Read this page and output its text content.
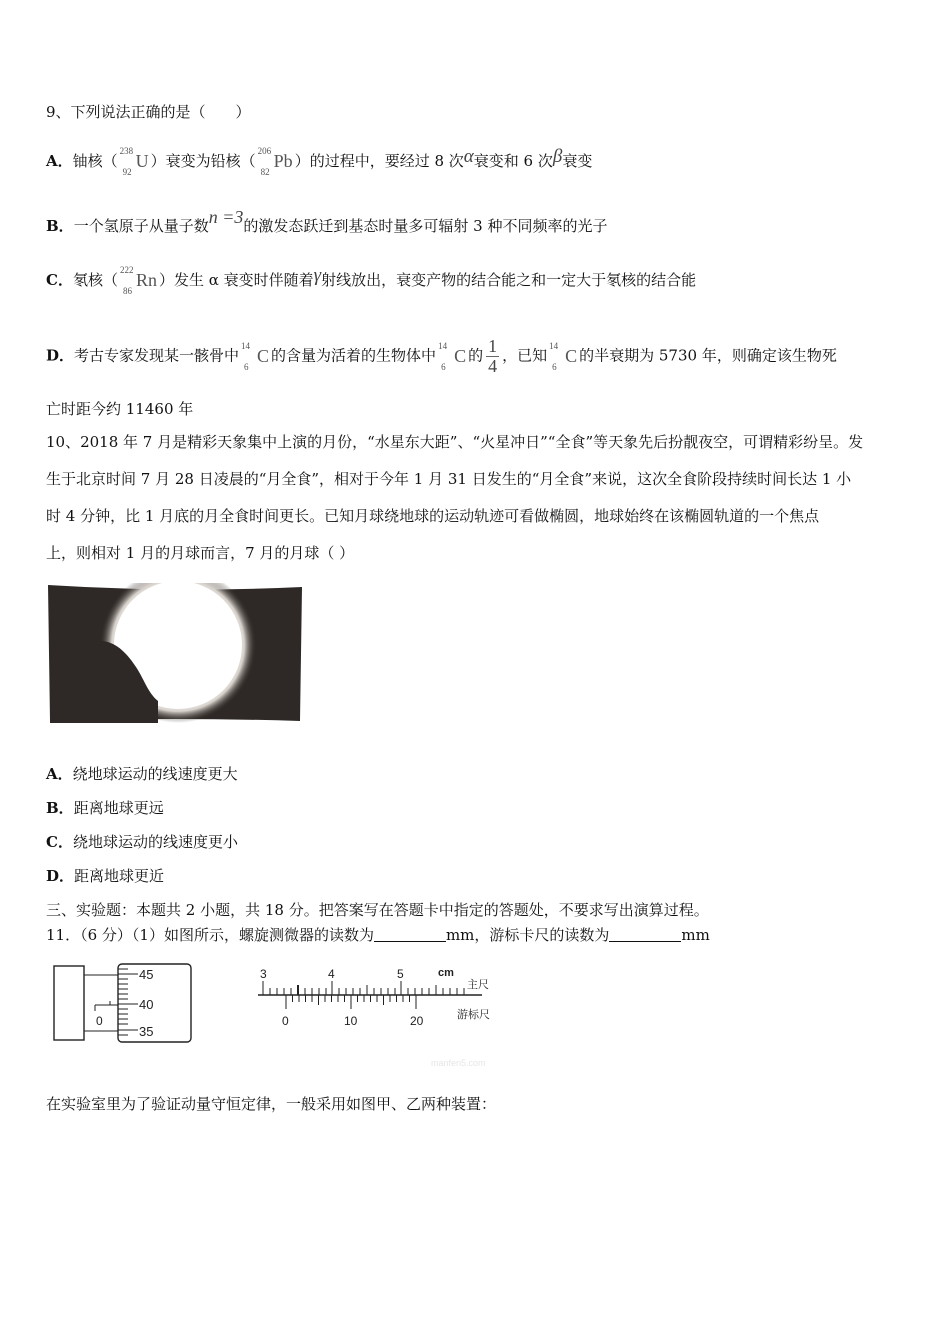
9、下列说法正确的是（　　）
A．铀核（
238
92
U ）衰变为铅核（
206
82
Pb ）的过程中，要经过 8 次α衰变和 6 次β衰变
B．一个氢原子从量子数n =3的激发态跃迁到基态时量多可辐射 3 种不同频率的光子
C．氡核（
222
86
Rn ）发生 α 衰变时伴随着γ射线放出，衰变产物的结合能之和一定大于氡核的结合能
D．考古专家发现某一骸骨中
14
6
C 的含量为活着的生物体中
14
6
C 的 $\frac{1}{4}$ ，已知
14
6
C 的半衰期为 5730 年，则确定该生物死
亡时距今约 11460 年
10、2018 年 7 月是精彩天象集中上演的月份，“水星东大距”、“火星冲日”“全食”等天象先后扮靓夜空，可谓精彩纷呈。发
生于北京时间 7 月 28 日凌晨的“月全食”，相对于今年 1 月 31 日发生的“月全食”来说，这次全食阶段持续时间长达 1 小
时 4 分钟，比 1 月底的月全食时间更长。已知月球绕地球的运动轨迹可看做椭圆，地球始终在该椭圆轨道的一个焦点
上，则相对 1 月的月球而言，7 月的月球（ ）
A．绕地球运动的线速度更大
B．距离地球更远
C．绕地球运动的线速度更小
D．距离地球更近
三、实验题：本题共 2 小题，共 18 分。把答案写在答题卡中指定的答题处，不要求写出演算过程。
11．（6 分）（1）如图所示，螺旋测微器的读数为	mm，游标卡尺的读数为	mm
45
40
35
0
3	4	5	cm
主尺
0	10	20	游标尺
manfen5.com
在实验室里为了验证动量守恒定律，一般采用如图甲、乙两种装置：
